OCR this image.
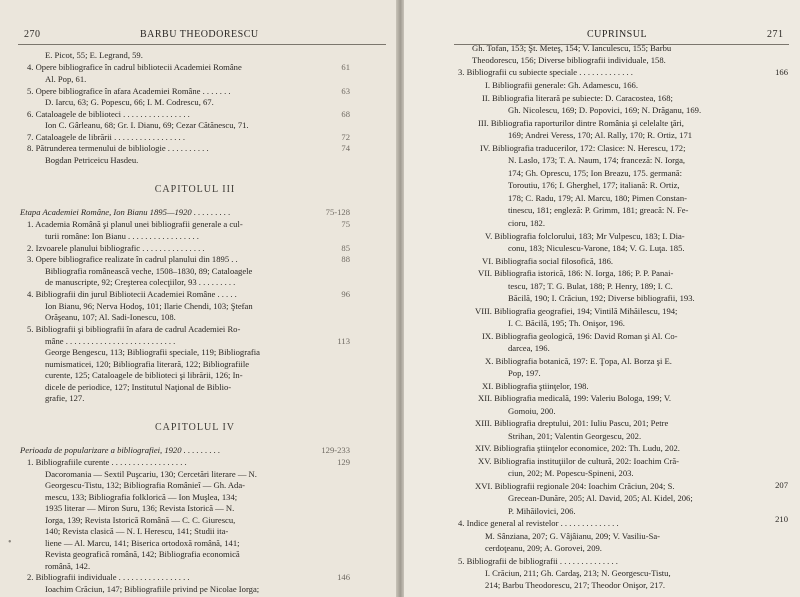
270	BARBU THEODORESCU
E. Picot, 55; E. Legrand, 59.
4. Opere bibliografice în cadrul bibliotecii Academiei Române
Al. Pop, 61.
5. Opere bibliografice în afara Academiei Române . . . . . . .
D. Iarcu, 63; G. Popescu, 66; I. M. Codrescu, 67.
6. Cataloagele de biblioteci . . . . . . . . . . . . . . . .
Ion C. Gârleanu, 68; Gr. I. Dianu, 69; Cezar Cătănescu, 71.
7. Cataloagele de librării . . . . . . . . . . . . . . . . .
8. Pătrunderea termenului de bibliologie . . . . . . . . . .
Bogdan Petriceicu Hasdeu.
Etapa Academiei Române, Ion Bianu 1895—1920 . . . . . . . . .
1. Academia Română şi planul unei bibliografii generale a cul-
turii române: Ion Bianu . . . . . . . . . . . . . . . . .
2. Izvoarele planului bibliografic . . . . . . . . . . . . . . .
3. Opere bibliografice realizate în cadrul planului din 1895 . .
Bibliografia românească veche, 1508–1830, 89; Cataloagele
de manuscripte, 92; Creşterea colecţiilor, 93 . . . . . . . . .
4. Bibliografii din jurul Bibliotecii Academiei Române . . . . .
Ion Bianu, 96; Nerva Hodoş, 101; Ilarie Chendi, 103; Ştefan
Orăşeanu, 107; Al. Sadi-Ionescu, 108.
5. Bibliografii şi bibliografii în afara de cadrul Academiei Ro-
mâne . . . . . . . . . . . . . . . . . . . . . . . . . .
George Bengescu, 113; Bibliografii speciale, 119; Bibliografia
numismaticei, 120; Bibliografia literară, 122; Bibliografiile
curente, 125; Cataloagele de biblioteci şi librării, 126; In-
dicele de periodice, 127; Institutul Naţional de Biblio-
grafie, 127.
Perioada de popularizare a bibliografiei, 1920 . . . . . . . . .
1. Bibliografiile curente . . . . . . . . . . . . . . . . . .
Dacoromania — Sextil Puşcariu, 130; Cercetări literare — N.
Georgescu-Tistu, 132; Bibliografia Românieî — Gh. Ada-
mescu, 133; Bibliografia folklorică — Ion Muşlea, 134;
1935 literar — Miron Suru, 136; Revista Istorică — N.
Iorga, 139; Revista Istorică Română — C. C. Giurescu,
140; Revista clasică — N. I. Herescu, 141; Studii ita-
liene — Al. Marcu, 141; Biserica ortodoxă română, 141;
Revista geografică română, 142; Bibliografia economică
română, 142.
2. Bibliografii individuale . . . . . . . . . . . . . . . . .
Ioachim Crăciun, 147; Bibliografiile privind pe Nicolae Iorga;
61
63
68
72
74
75-128
75
85
88
96
113
129-233
129
146
CAPITOLUL III
CAPITOLUL IV
•
CUPRINSUL	271
Gh. Tofan, 153; Şt. Meteş, 154; V. Ianculescu, 155; Barbu
Theodorescu, 156; Diverse bibliografii individuale, 158.
3. Bibliografii cu subiecte speciale . . . . . . . . . . . . .
I. Bibliografii generale: Gh. Adamescu, 166.
II. Bibliografia literară pe subiecte: D. Caracostea, 168;
Gh. Nicolescu, 169; D. Popovici, 169; N. Drăganu, 169.
III. Bibliografia raporturilor dintre România şi celelalte ţări,
169; Andrei Veress, 170; Al. Rally, 170; R. Ortiz, 171
IV. Bibliografia traducerilor, 172: Clasice: N. Herescu, 172;
N. Laslo, 173; T. A. Naum, 174; franceză: N. Iorga,
174; Gh. Oprescu, 175; Ion Breazu, 175. germană:
Toroutiu, 176; I. Gherghel, 177; italiană: R. Ortiz,
178; C. Radu, 179; Al. Marcu, 180; Pimen Constan-
tinescu, 181; engleză: P. Grimm, 181; greacă: N. Fe-
cioru, 182.
V. Bibliografia folclorului, 183; Mr Vulpescu, 183; I. Dia-
conu, 183; Niculescu-Varone, 184; V. G. Luţa. 185.
VI. Bibliografia social filosofică, 186.
VII. Bibliografia istorică, 186: N. Iorga, 186; P. P. Panai-
tescu, 187; T. G. Bulat, 188; P. Henry, 189; I. C.
Băcilă, 190; I. Crăciun, 192; Diverse bibliografii, 193.
VIII. Bibliografia geografiei, 194; Vintilă Mihăilescu, 194;
I. C. Băcilă, 195; Th. Onişor, 196.
IX. Bibliografia geologică, 196: David Roman şi Al. Co-
darcea, 196.
X. Bibliografia botanică, 197: E. Ţopa, Al. Borza şi E.
Pop, 197.
XI. Bibliografia ştiinţelor, 198.
XII. Bibliografia medicală, 199: Valeriu Bologa, 199; V.
Gomoiu, 200.
XIII. Bibliografia dreptului, 201: Iuliu Pascu, 201; Petre
Strihan, 201; Valentin Georgescu, 202.
XIV. Bibliografia ştiinţelor economice, 202: Th. Ludu, 202.
XV. Bibliografia instituţiilor de cultură, 202: Ioachim Cră-
ciun, 202; M. Popescu-Spineni, 203.
XVI. Bibliografii regionale 204: Ioachim Crăciun, 204; S.
Grecean-Dunăre, 205; Al. David, 205; Al. Kidel, 206;
P. Mihăilovici, 206.
4. Indice general al revistelor . . . . . . . . . . . . . .
M. Sânziana, 207; G. Vâjâianu, 209; V. Vasiliu-Sa-
cerdoţeanu, 209; A. Gorovei, 209.
5. Bibliografii de bibliografii . . . . . . . . . . . . . .
I. Crăciun, 211; Gh. Cardaş, 213; N. Georgescu-Tistu,
214; Barbu Theodorescu, 217; Theodor Onişor, 217.
166
207
210
